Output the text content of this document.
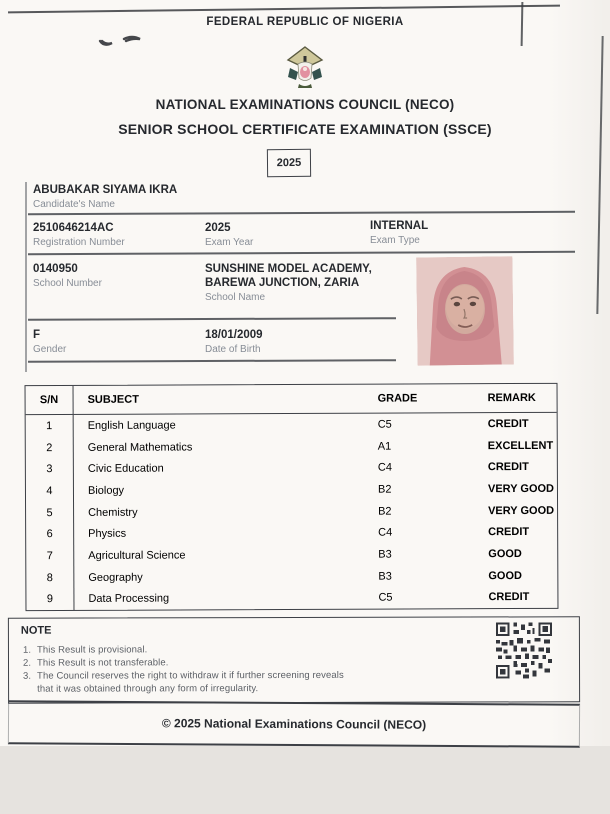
FEDERAL REPUBLIC OF NIGERIA
NATIONAL EXAMINATIONS COUNCIL (NECO)
SENIOR SCHOOL CERTIFICATE EXAMINATION (SSCE)
2025
ABUBAKAR SIYAMA IKRA
Candidate's Name
2510646214AC
Registration Number
2025
Exam Year
INTERNAL
Exam Type
0140950
School Number
SUNSHINE MODEL ACADEMY,
BAREWA JUNCTION, ZARIA
School Name
F
Gender
18/01/2009
Date of Birth
S/N	SUBJECT	GRADE	REMARK
1	English Language	C5	CREDIT
2	General Mathematics	A1	EXCELLENT
3	Civic Education	C4	CREDIT
4	Biology	B2	VERY GOOD
5	Chemistry	B2	VERY GOOD
6	Physics	C4	CREDIT
7	Agricultural Science	B3	GOOD
8	Geography	B3	GOOD
9	Data Processing	C5	CREDIT
NOTE
1. This Result is provisional.
2. This Result is not transferable.
3. The Council reserves the right to withdraw it if further screening reveals
that it was obtained through any form of irregularity.
© 2025 National Examinations Council (NECO)
